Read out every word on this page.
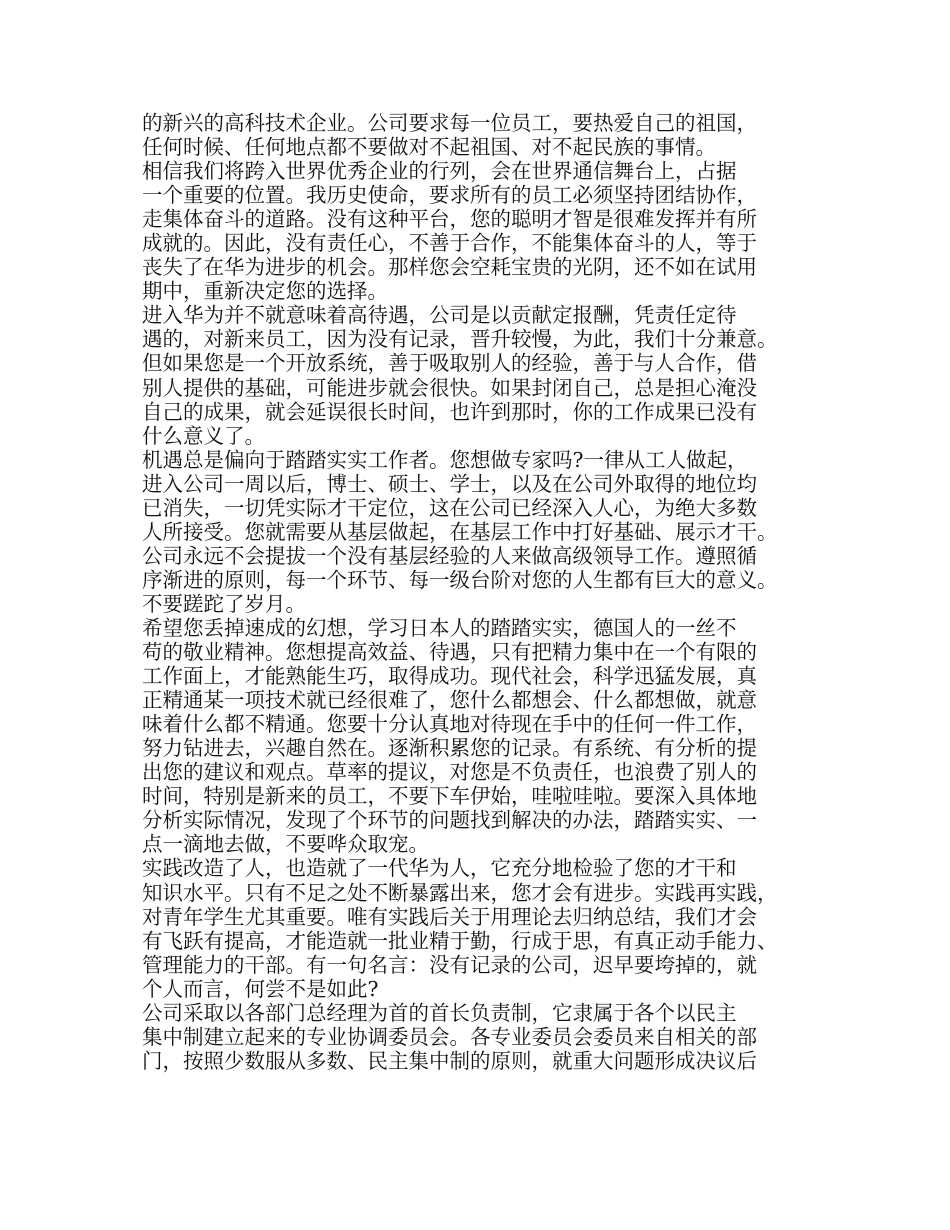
的新兴的高科技术企业。公司要求每一位员工，要热爱自己的祖国，
任何时候、任何地点都不要做对不起祖国、对不起民族的事情。
相信我们将跨入世界优秀企业的行列，会在世界通信舞台上，占据
一个重要的位置。我历史使命，要求所有的员工必须坚持团结协作，
走集体奋斗的道路。没有这种平台，您的聪明才智是很难发挥并有所
成就的。因此，没有责任心，不善于合作，不能集体奋斗的人，等于
丧失了在华为进步的机会。那样您会空耗宝贵的光阴，还不如在试用
期中，重新决定您的选择。
进入华为并不就意味着高待遇，公司是以贡献定报酬，凭责任定待
遇的，对新来员工，因为没有记录，晋升较慢，为此，我们十分兼意。
但如果您是一个开放系统，善于吸取别人的经验，善于与人合作，借
别人提供的基础，可能进步就会很快。如果封闭自己，总是担心淹没
自己的成果，就会延误很长时间，也许到那时，你的工作成果已没有
什么意义了。
机遇总是偏向于踏踏实实工作者。您想做专家吗?一律从工人做起，
进入公司一周以后，博士、硕士、学士，以及在公司外取得的地位均
已消失，一切凭实际才干定位，这在公司已经深入人心，为绝大多数
人所接受。您就需要从基层做起，在基层工作中打好基础、展示才干。
公司永远不会提拔一个没有基层经验的人来做高级领导工作。遵照循
序渐进的原则，每一个环节、每一级台阶对您的人生都有巨大的意义。
不要蹉跎了岁月。
希望您丢掉速成的幻想，学习日本人的踏踏实实，德国人的一丝不
苟的敬业精神。您想提高效益、待遇，只有把精力集中在一个有限的
工作面上，才能熟能生巧，取得成功。现代社会，科学迅猛发展，真
正精通某一项技术就已经很难了，您什么都想会、什么都想做，就意
味着什么都不精通。您要十分认真地对待现在手中的任何一件工作，
努力钻进去，兴趣自然在。逐渐积累您的记录。有系统、有分析的提
出您的建议和观点。草率的提议，对您是不负责任，也浪费了别人的
时间，特别是新来的员工，不要下车伊始，哇啦哇啦。要深入具体地
分析实际情况，发现了个环节的问题找到解决的办法，踏踏实实、一
点一滴地去做，不要哗众取宠。
实践改造了人，也造就了一代华为人，它充分地检验了您的才干和
知识水平。只有不足之处不断暴露出来，您才会有进步。实践再实践，
对青年学生尤其重要。唯有实践后关于用理论去归纳总结，我们才会
有飞跃有提高，才能造就一批业精于勤，行成于思，有真正动手能力、
管理能力的干部。有一句名言：没有记录的公司，迟早要垮掉的，就
个人而言，何尝不是如此?
公司采取以各部门总经理为首的首长负责制，它隶属于各个以民主
集中制建立起来的专业协调委员会。各专业委员会委员来自相关的部
门，按照少数服从多数、民主集中制的原则，就重大问题形成决议后
